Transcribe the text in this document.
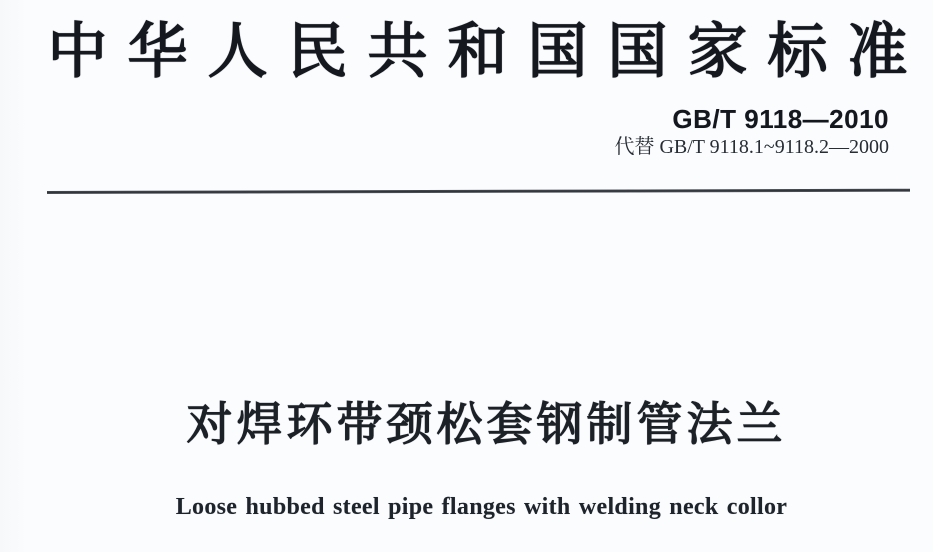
中华人民共和国国家标准
GB/T 9118—2010
代替 GB/T 9118.1~9118.2—2000
对焊环带颈松套钢制管法兰
Loose hubbed steel pipe flanges with welding neck collor
